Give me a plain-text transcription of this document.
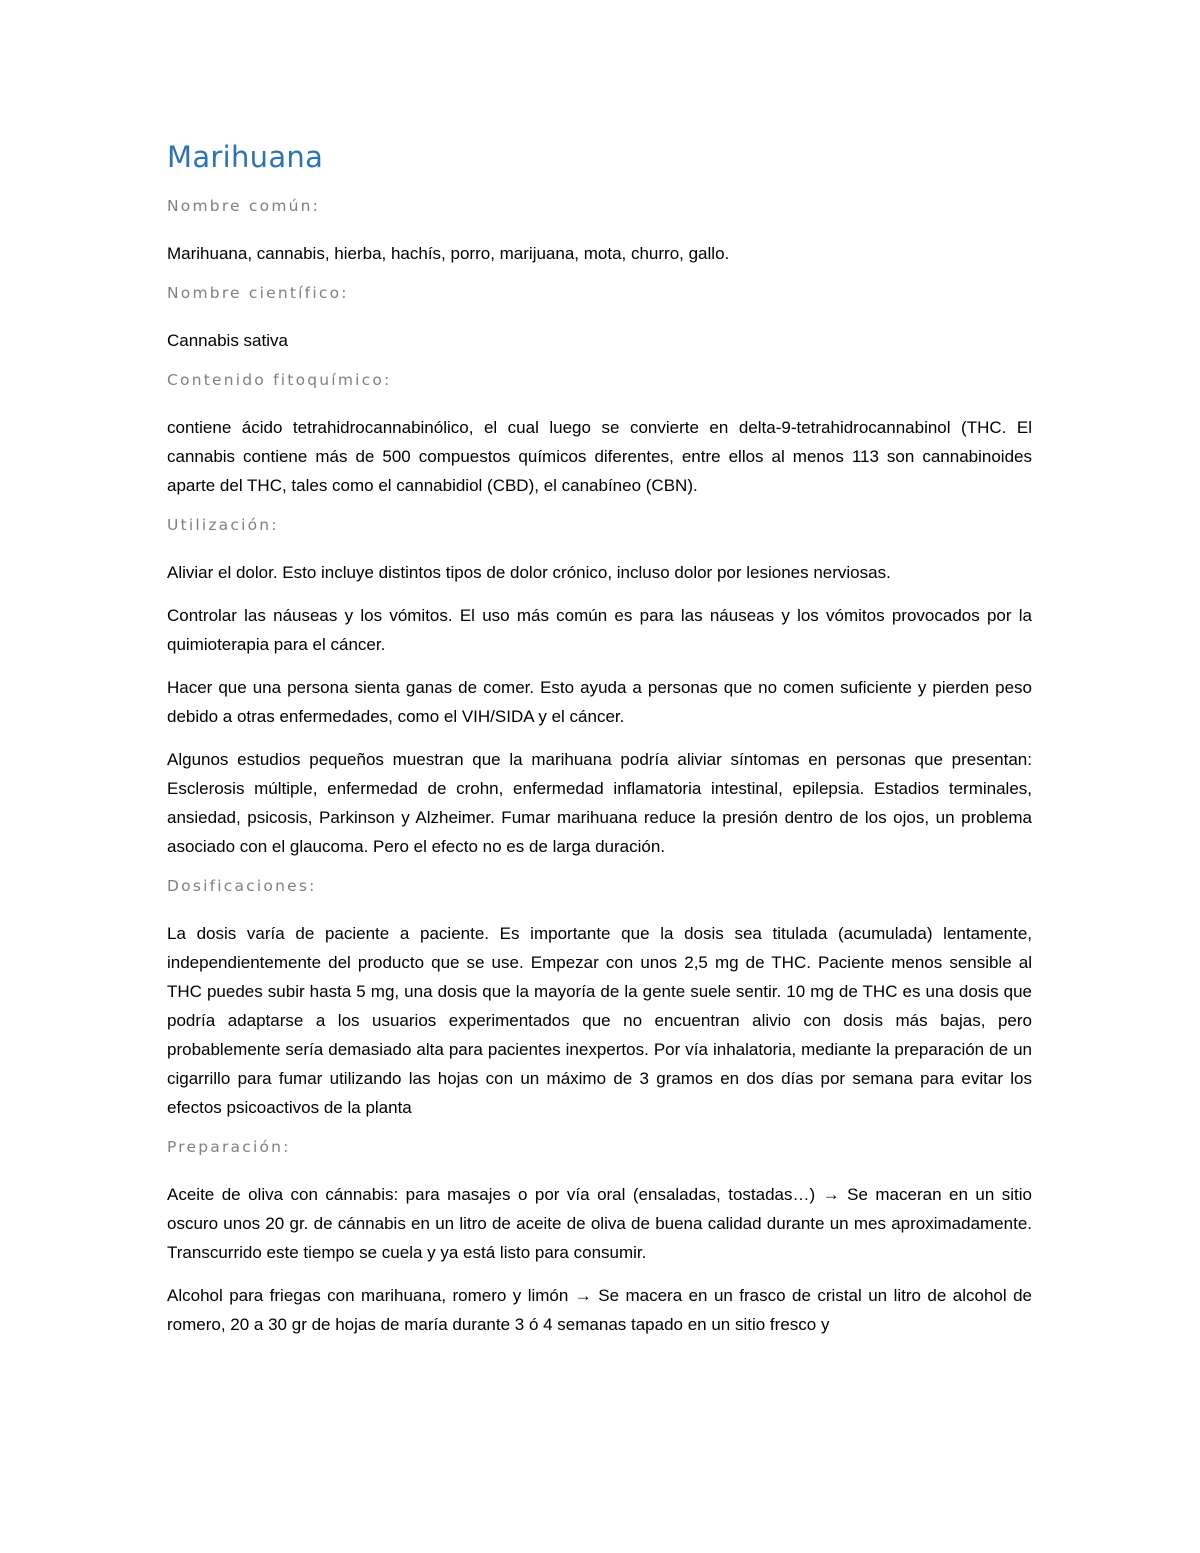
Marihuana
Nombre común:

Marihuana, cannabis, hierba, hachís, porro, marijuana, mota, churro, gallo.

Nombre científico:

Cannabis sativa

Contenido fitoquímico:

contiene ácido tetrahidrocannabinólico, el cual luego se convierte en delta-9-tetrahidrocannabinol (THC. El cannabis contiene más de 500 compuestos químicos diferentes, entre ellos al menos 113 son cannabinoides aparte del THC, tales como el cannabidiol (CBD), el canabíneo (CBN).

Utilización:

Aliviar el dolor. Esto incluye distintos tipos de dolor crónico, incluso dolor por lesiones nerviosas.

Controlar las náuseas y los vómitos. El uso más común es para las náuseas y los vómitos provocados por la quimioterapia para el cáncer.

Hacer que una persona sienta ganas de comer. Esto ayuda a personas que no comen suficiente y pierden peso debido a otras enfermedades, como el VIH/SIDA y el cáncer.

Algunos estudios pequeños muestran que la marihuana podría aliviar síntomas en personas que presentan: Esclerosis múltiple, enfermedad de crohn, enfermedad inflamatoria intestinal, epilepsia. Estadios terminales, ansiedad, psicosis, Parkinson y Alzheimer. Fumar marihuana reduce la presión dentro de los ojos, un problema asociado con el glaucoma. Pero el efecto no es de larga duración.

Dosificaciones:

La dosis varía de paciente a paciente. Es importante que la dosis sea titulada (acumulada) lentamente, independientemente del producto que se use. Empezar con unos 2,5 mg de THC. Paciente menos sensible al THC puedes subir hasta 5 mg, una dosis que la mayoría de la gente suele sentir. 10 mg de THC es una dosis que podría adaptarse a los usuarios experimentados que no encuentran alivio con dosis más bajas, pero probablemente sería demasiado alta para pacientes inexpertos. Por vía inhalatoria, mediante la preparación de un cigarrillo para fumar utilizando las hojas con un máximo de 3 gramos en dos días por semana para evitar los efectos psicoactivos de la planta

Preparación:

Aceite de oliva con cánnabis: para masajes o por vía oral (ensaladas, tostadas…) → Se maceran en un sitio oscuro unos 20 gr. de cánnabis en un litro de aceite de oliva de buena calidad durante un mes aproximadamente. Transcurrido este tiempo se cuela y ya está listo para consumir.

Alcohol para friegas con marihuana, romero y limón → Se macera en un frasco de cristal un litro de alcohol de romero, 20 a 30 gr de hojas de maría durante 3 ó 4 semanas tapado en un sitio fresco y
